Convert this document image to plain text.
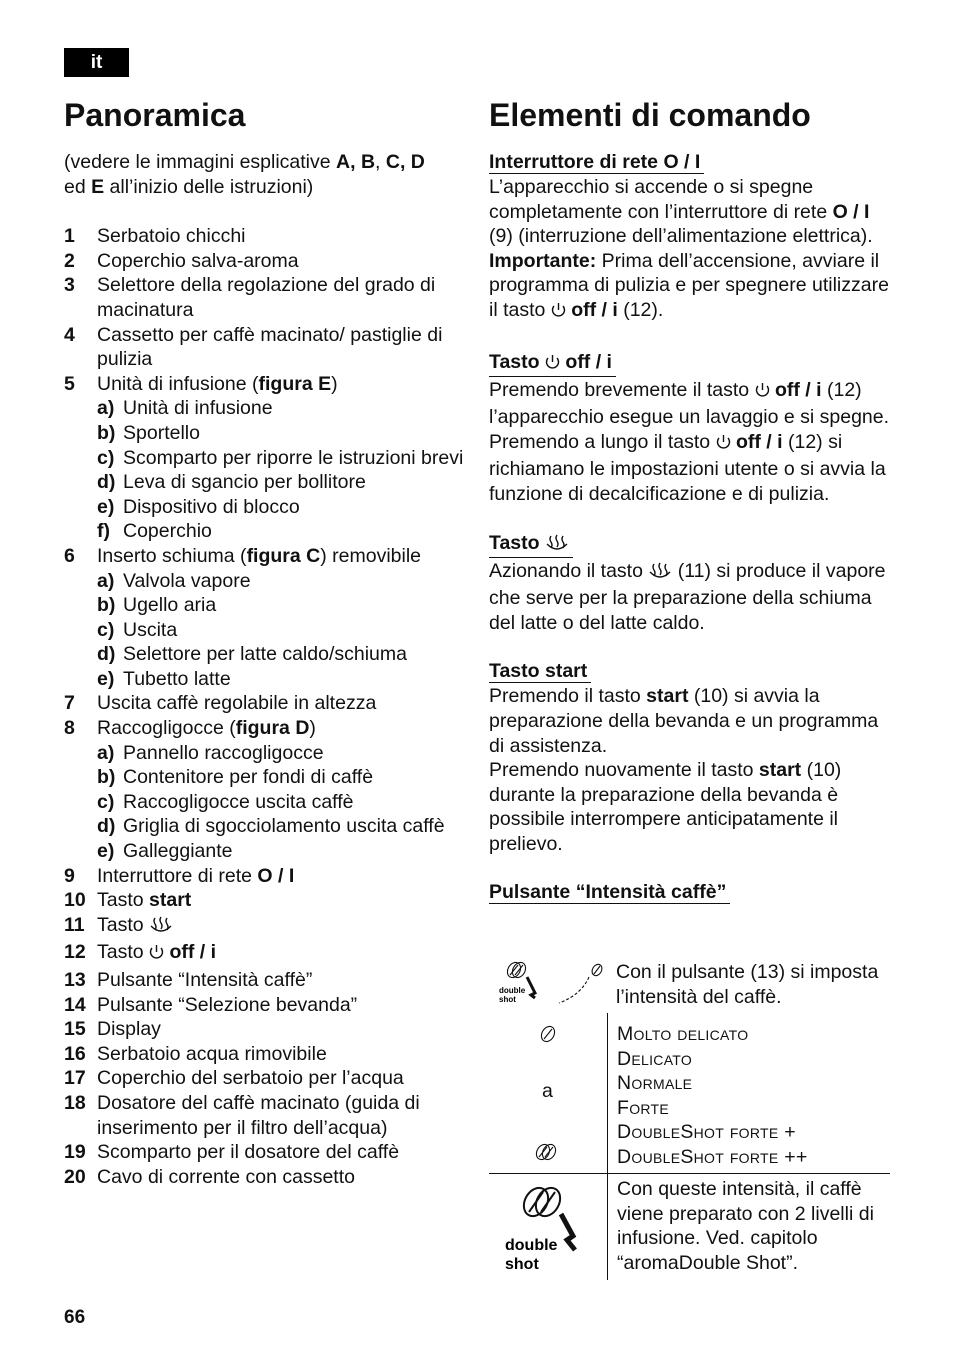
it
Panoramica	Elementi di comando

(vedere le immagini esplicative A, B, C, D
ed E all’inizio delle istruzioni)

1	Serbatoio chicchi
2	Coperchio salva-aroma
3	Selettore della regolazione del grado di macinatura
4	Cassetto per caffè macinato/ pastiglie di pulizia
5	Unità di infusione (figura E)
a) Unità di infusione
b) Sportello
c) Scomparto per riporre le istruzioni brevi
d) Leva di sgancio per bollitore
e) Dispositivo di blocco
f) Coperchio
6	Inserto schiuma (figura C) removibile
a) Valvola vapore
b) Ugello aria
c) Uscita
d) Selettore per latte caldo/schiuma
e) Tubetto latte
7	Uscita caffè regolabile in altezza
8	Raccogligocce (figura D)
a) Pannello raccogligocce
b) Contenitore per fondi di caffè
c) Raccogligocce uscita caffè
d) Griglia di sgocciolamento uscita caffè
e) Galleggiante
9	Interruttore di rete O / I
10 Tasto start
11 Tasto
12 Tasto  off / i
13 Pulsante “Intensità caffè”
14 Pulsante “Selezione bevanda”
15 Display
16 Serbatoio acqua rimovibile
17 Coperchio del serbatoio per l’acqua
18 Dosatore del caffè macinato (guida di inserimento per il filtro dell’acqua)
19 Scomparto per il dosatore del caffè
20 Cavo di corrente con cassetto
Interruttore di rete O / I

L’apparecchio si accende o si spegne completamente con l’interruttore di rete O / I (9) (interruzione dell’alimentazione elettrica).
Importante: Prima dell’accensione, avviare il programma di pulizia e per spegnere utilizzare il tasto  off / i (12).

Tasto  off / i

Premendo brevemente il tasto  off / i (12) l’apparecchio esegue un lavaggio e si spegne. Premendo a lungo il tasto  off / i (12) si richiamano le impostazioni utente o si avvia la funzione di decalcificazione e di pulizia.

Tasto

Azionando il tasto  (11) si produce il vapore che serve per la preparazione della schiuma del latte o del latte caldo.

Tasto start

Premendo il tasto start (10) si avvia la preparazione della bevanda e un programma di assistenza.
Premendo nuovamente il tasto start (10) durante la preparazione della bevanda è possibile interrompere anticipatamente il prelievo.

Pulsante “Intensità caffè”
double
shot
Con il pulsante (13) si imposta l’intensità del caffè.
a
Molto delicato
Delicato
Normale
Forte
DoubleShot forte +
DoubleShot forte ++
double
shot
Con queste intensità, il caffè viene preparato con 2 livelli di infusione. Ved. capitolo “aromaDouble Shot”.
66
